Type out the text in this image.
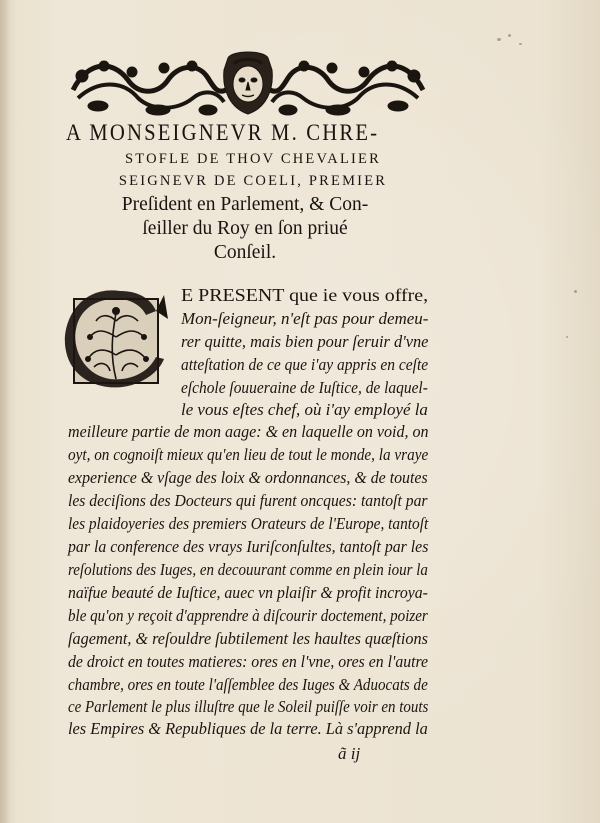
A MONSEIGNEVR M. CHRE-
STOFLE DE THOV CHEVALIER
SEIGNEVR DE COELI, PREMIER
Preſident en Parlement, & Con-
ſeiller du Roy en ſon priué
Conſeil.
E PRESENT que ie vous offre,
Mon-ſeigneur, n'eſt pas pour demeu-
rer quitte, mais bien pour ſeruir d'vne
atteſtation de ce que i'ay appris en ceſte
eſchole ſouueraine de Iuſtice, de laquel-
le vous eſtes chef, où i'ay employé la
meilleure partie de mon aage: & en laquelle on void, on
oyt, on cognoiſt mieux qu'en lieu de tout le monde, la vraye
experience & vſage des loix & ordonnances, & de toutes
les deciſions des Docteurs qui furent oncques: tantoſt par
les plaidoyeries des premiers Orateurs de l'Europe, tantoſt
par la conference des vrays Iuriſconſultes, tantoſt par les
reſolutions des Iuges, en decouurant comme en plein iour la
naïfue beauté de Iuſtice, auec vn plaiſir & profit incroya-
ble qu'on y reçoit d'apprendre à diſcourir doctement, poizer
ſagement, & reſouldre ſubtilement les haultes quæſtions
de droict en toutes matieres: ores en l'vne, ores en l'autre
chambre, ores en toute l'aſſemblee des Iuges & Aduocats de
ce Parlement le plus illuſtre que le Soleil puiſſe voir en touts
les Empires & Republiques de la terre. Là s'apprend la
ã ij
